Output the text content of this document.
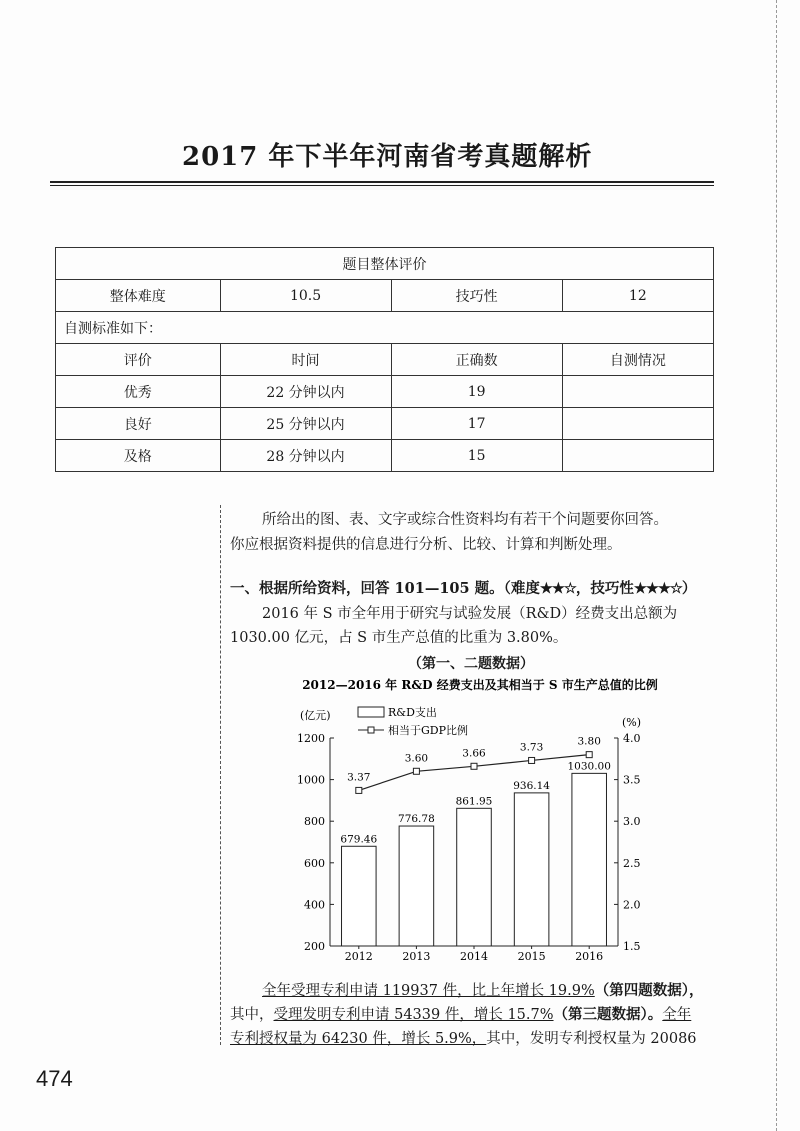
2017 年下半年河南省考真题解析
题目整体评价			
整体难度	10.5	技巧性	12
自测标准如下：			
评价	时间	正确数	自测情况
优秀	22 分钟以内	19	
良好	25 分钟以内	17	
及格	28 分钟以内	15	
所给出的图、表、文字或综合性资料均有若干个问题要你回答。
你应根据资料提供的信息进行分析、比较、计算和判断处理。
一、根据所给资料，回答 101—105 题。（难度★★☆，技巧性★★★☆）
2016 年 S 市全年用于研究与试验发展（R&D）经费支出总额为
1030.00 亿元，占 S 市生产总值的比重为 3.80%。
（第一、二题数据）
2012—2016 年 R&D 经费支出及其相当于 S 市生产总值的比例
(亿元)
(%)
R&D支出
相当于GDP比例
200
400
600
800
1000
1200
1.5
2.0
2.5
3.0
3.5
4.0
679.46
2012
776.78
2013
861.95
2014
936.14
2015
1030.00
2016
3.37
3.60	3.66	3.73	3.80
全年受理专利申请 119937 件，比上年增长 19.9%（第四题数据），
其中，受理发明专利申请 54339 件，增长 15.7%（第三题数据）。全年
专利授权量为 64230 件，增长 5.9%，其中，发明专利授权量为 20086
474
